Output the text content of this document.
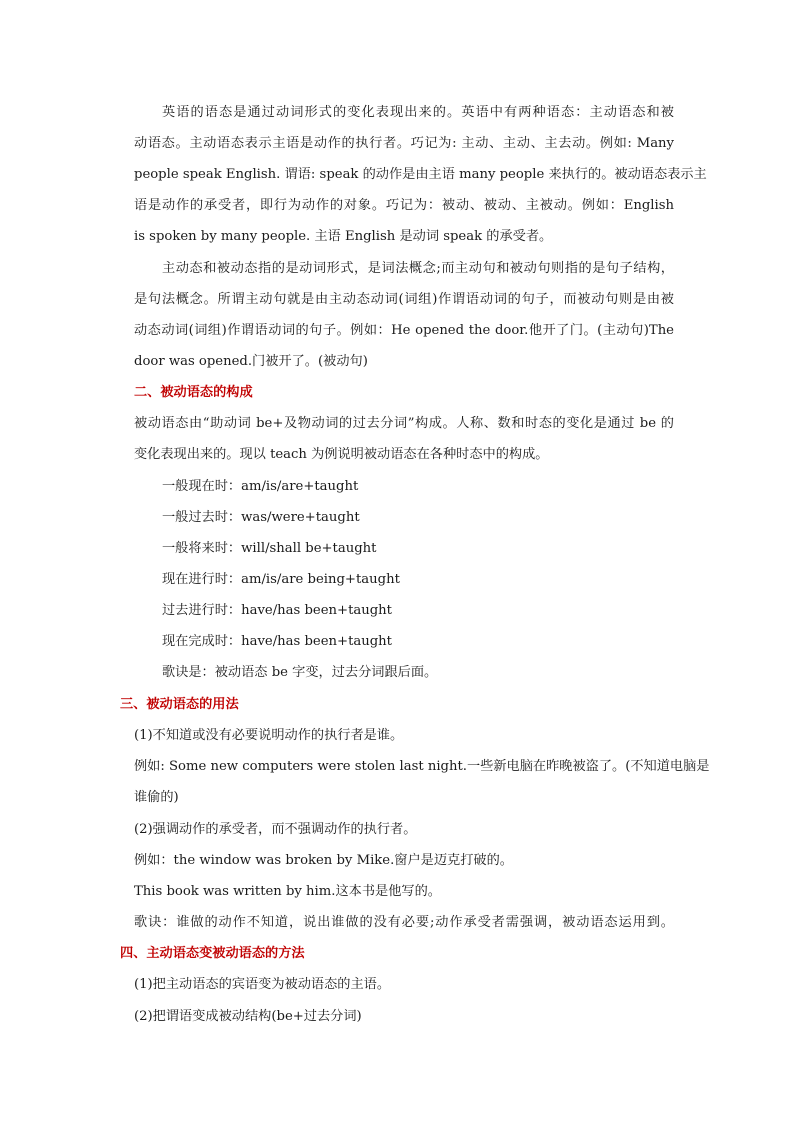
英语的语态是通过动词形式的变化表现出来的。英语中有两种语态：主动语态和被
动语态。主动语态表示主语是动作的执行者。巧记为: 主动、主动、主去动。例如: Many
people speak English. 谓语: speak 的动作是由主语 many people 来执行的。被动语态表示主
语是动作的承受者，即行为动作的对象。巧记为：被动、被动、主被动。例如：English
is spoken by many people. 主语 English 是动词 speak 的承受者。
主动态和被动态指的是动词形式，是词法概念;而主动句和被动句则指的是句子结构，
是句法概念。所谓主动句就是由主动态动词(词组)作谓语动词的句子，而被动句则是由被
动态动词(词组)作谓语动词的句子。例如：He opened the door.他开了门。(主动句)The
door was opened.门被开了。(被动句)
二、被动语态的构成
被动语态由“助动词 be+及物动词的过去分词”构成。人称、数和时态的变化是通过 be 的
变化表现出来的。现以 teach 为例说明被动语态在各种时态中的构成。
一般现在时：am/is/are+taught
一般过去时：was/were+taught
一般将来时：will/shall be+taught
现在进行时：am/is/are being+taught
过去进行时：have/has been+taught
现在完成时：have/has been+taught
歌诀是：被动语态 be 字变，过去分词跟后面。
三、被动语态的用法
(1)不知道或没有必要说明动作的执行者是谁。
例如: Some new computers were stolen last night.一些新电脑在昨晚被盗了。(不知道电脑是
谁偷的)
(2)强调动作的承受者，而不强调动作的执行者。
例如：the window was broken by Mike.窗户是迈克打破的。
This book was written by him.这本书是他写的。
歌诀：谁做的动作不知道，说出谁做的没有必要;动作承受者需强调，被动语态运用到。
四、主动语态变被动语态的方法
(1)把主动语态的宾语变为被动语态的主语。
(2)把谓语变成被动结构(be+过去分词)
